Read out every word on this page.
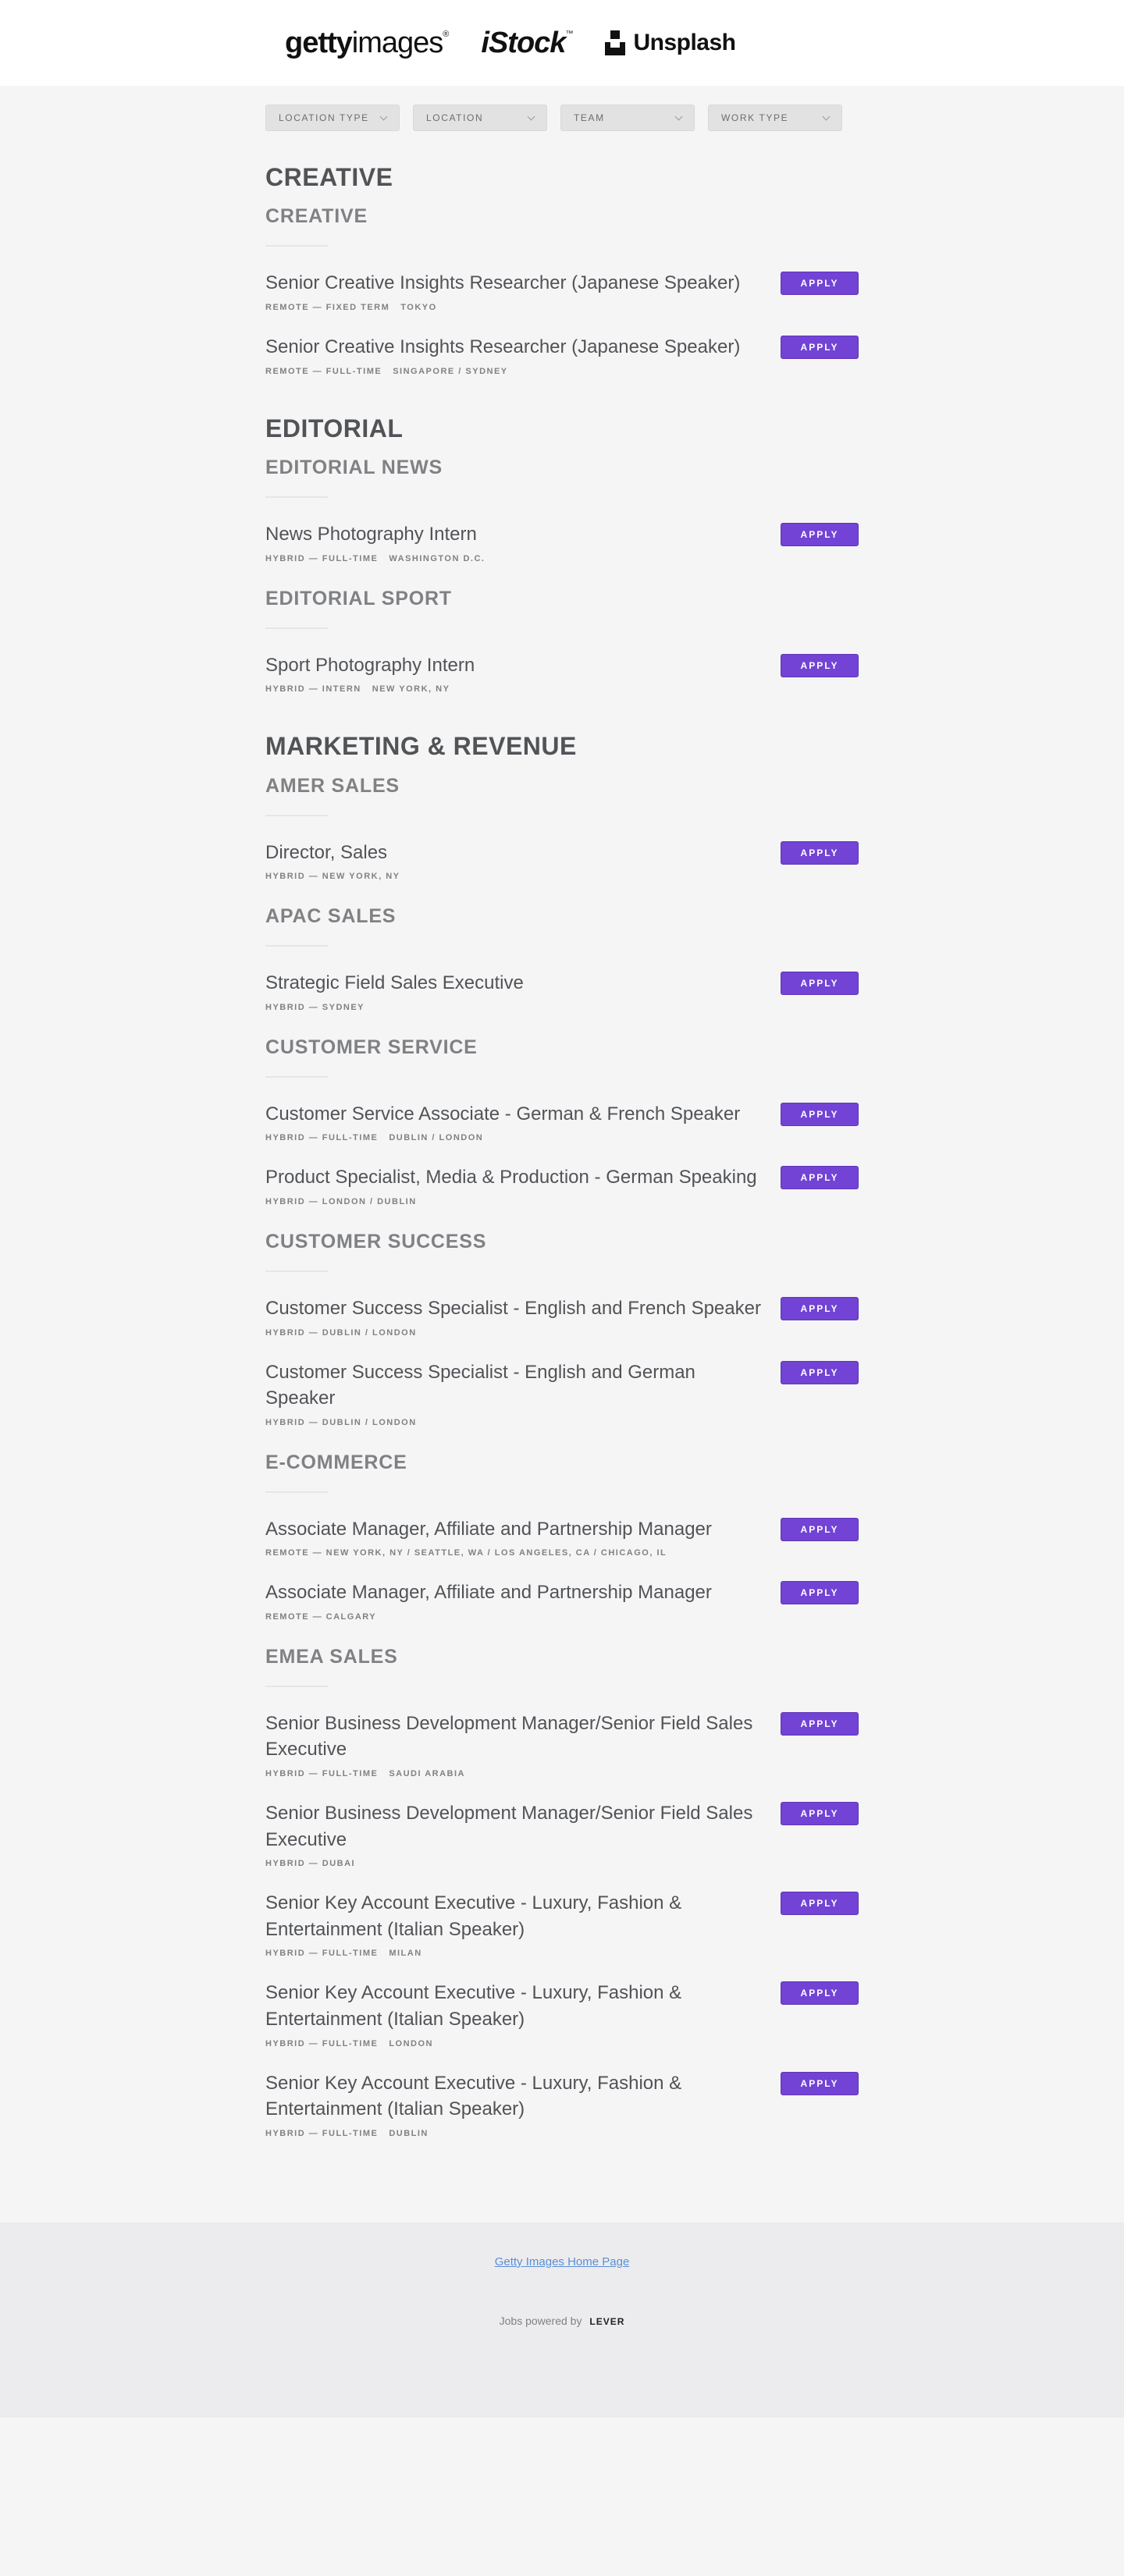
gettyimages® iStock™	Unsplash
LOCATION TYPE	LOCATION	TEAM	WORK TYPE
CREATIVE
CREATIVE
Senior Creative Insights Researcher (Japanese Speaker)
REMOTE — FIXED TERM TOKYO
APPLY
Senior Creative Insights Researcher (Japanese Speaker)
REMOTE — FULL-TIME SINGAPORE / SYDNEY
APPLY
EDITORIAL
EDITORIAL NEWS
News Photography Intern
HYBRID — FULL-TIME WASHINGTON D.C.
APPLY
EDITORIAL SPORT
Sport Photography Intern
HYBRID — INTERN NEW YORK, NY
APPLY
MARKETING & REVENUE
AMER SALES
Director, Sales
HYBRID — NEW YORK, NY
APPLY
APAC SALES
Strategic Field Sales Executive
HYBRID — SYDNEY
APPLY
CUSTOMER SERVICE
Customer Service Associate - German & French Speaker
HYBRID — FULL-TIME DUBLIN / LONDON
APPLY
Product Specialist, Media & Production - German Speaking
HYBRID — LONDON / DUBLIN
APPLY
CUSTOMER SUCCESS
Customer Success Specialist - English and French Speaker
HYBRID — DUBLIN / LONDON
APPLY
Customer Success Specialist - English and German Speaker
HYBRID — DUBLIN / LONDON
APPLY
E-COMMERCE
Associate Manager, Affiliate and Partnership Manager
REMOTE — NEW YORK, NY / SEATTLE, WA / LOS ANGELES, CA / CHICAGO, IL
APPLY
Associate Manager, Affiliate and Partnership Manager
REMOTE — CALGARY
APPLY
EMEA SALES
Senior Business Development Manager/Senior Field Sales Executive
HYBRID — FULL-TIME SAUDI ARABIA
APPLY
Senior Business Development Manager/Senior Field Sales Executive
HYBRID — DUBAI
APPLY
Senior Key Account Executive - Luxury, Fashion & Entertainment (Italian Speaker)
HYBRID — FULL-TIME MILAN
APPLY
Senior Key Account Executive - Luxury, Fashion & Entertainment (Italian Speaker)
HYBRID — FULL-TIME LONDON
APPLY
Senior Key Account Executive - Luxury, Fashion & Entertainment (Italian Speaker)
HYBRID — FULL-TIME DUBLIN
APPLY
Getty Images Home Page
Jobs powered by LEVER
